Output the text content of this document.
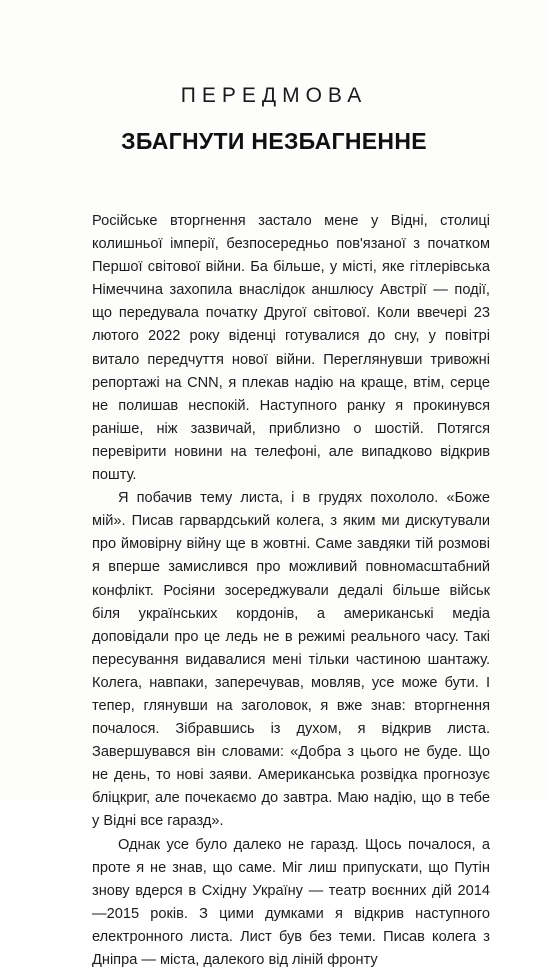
ПЕРЕДМОВА
ЗБАГНУТИ НЕЗБАГНЕННЕ

Російське вторгнення застало мене у Відні, столиці колишньої імперії, безпосередньо пов'язаної з початком Першої світової війни. Ба більше, у місті, яке гітлерівська Німеччина захопила внаслідок аншлюсу Австрії — події, що передувала початку Другої світової. Коли ввечері 23 лютого 2022 року віденці готувалися до сну, у повітрі витало передчуття нової війни. Переглянувши тривожні репортажі на CNN, я плекав надію на краще, втім, серце не полишав неспокій. Наступного ранку я прокинувся раніше, ніж зазвичай, приблизно о шостій. Потягся перевірити новини на телефоні, але випадково відкрив пошту.

Я побачив тему листа, і в грудях похололо. «Боже мій». Писав гарвардський колега, з яким ми дискутували про ймовірну війну ще в жовтні. Саме завдяки тій розмові я вперше замислився про можливий повномасштабний конфлікт. Росіяни зосереджували дедалі більше військ біля українських кордонів, а американські медіа доповідали про це ледь не в режимі реального часу. Такі пересування видавалися мені тільки частиною шантажу. Колега, навпаки, заперечував, мовляв, усе може бути. І тепер, глянувши на заголовок, я вже знав: вторгнення почалося. Зібравшись із духом, я відкрив листа. Завершувався він словами: «Добра з цього не буде. Що не день, то нові заяви. Американська розвідка прогнозує бліцкриг, але почекаємо до завтра. Маю надію, що в тебе у Відні все гаразд».

Однак усе було далеко не гаразд. Щось почалося, а проте я не знав, що саме. Міг лиш припускати, що Путін знову вдерся в Східну Україну — театр воєнних дій 2014—2015 років. З цими думками я відкрив наступного електронного листа. Лист був без теми. Писав колега з Дніпра — міста, далекого від ліній фронту
